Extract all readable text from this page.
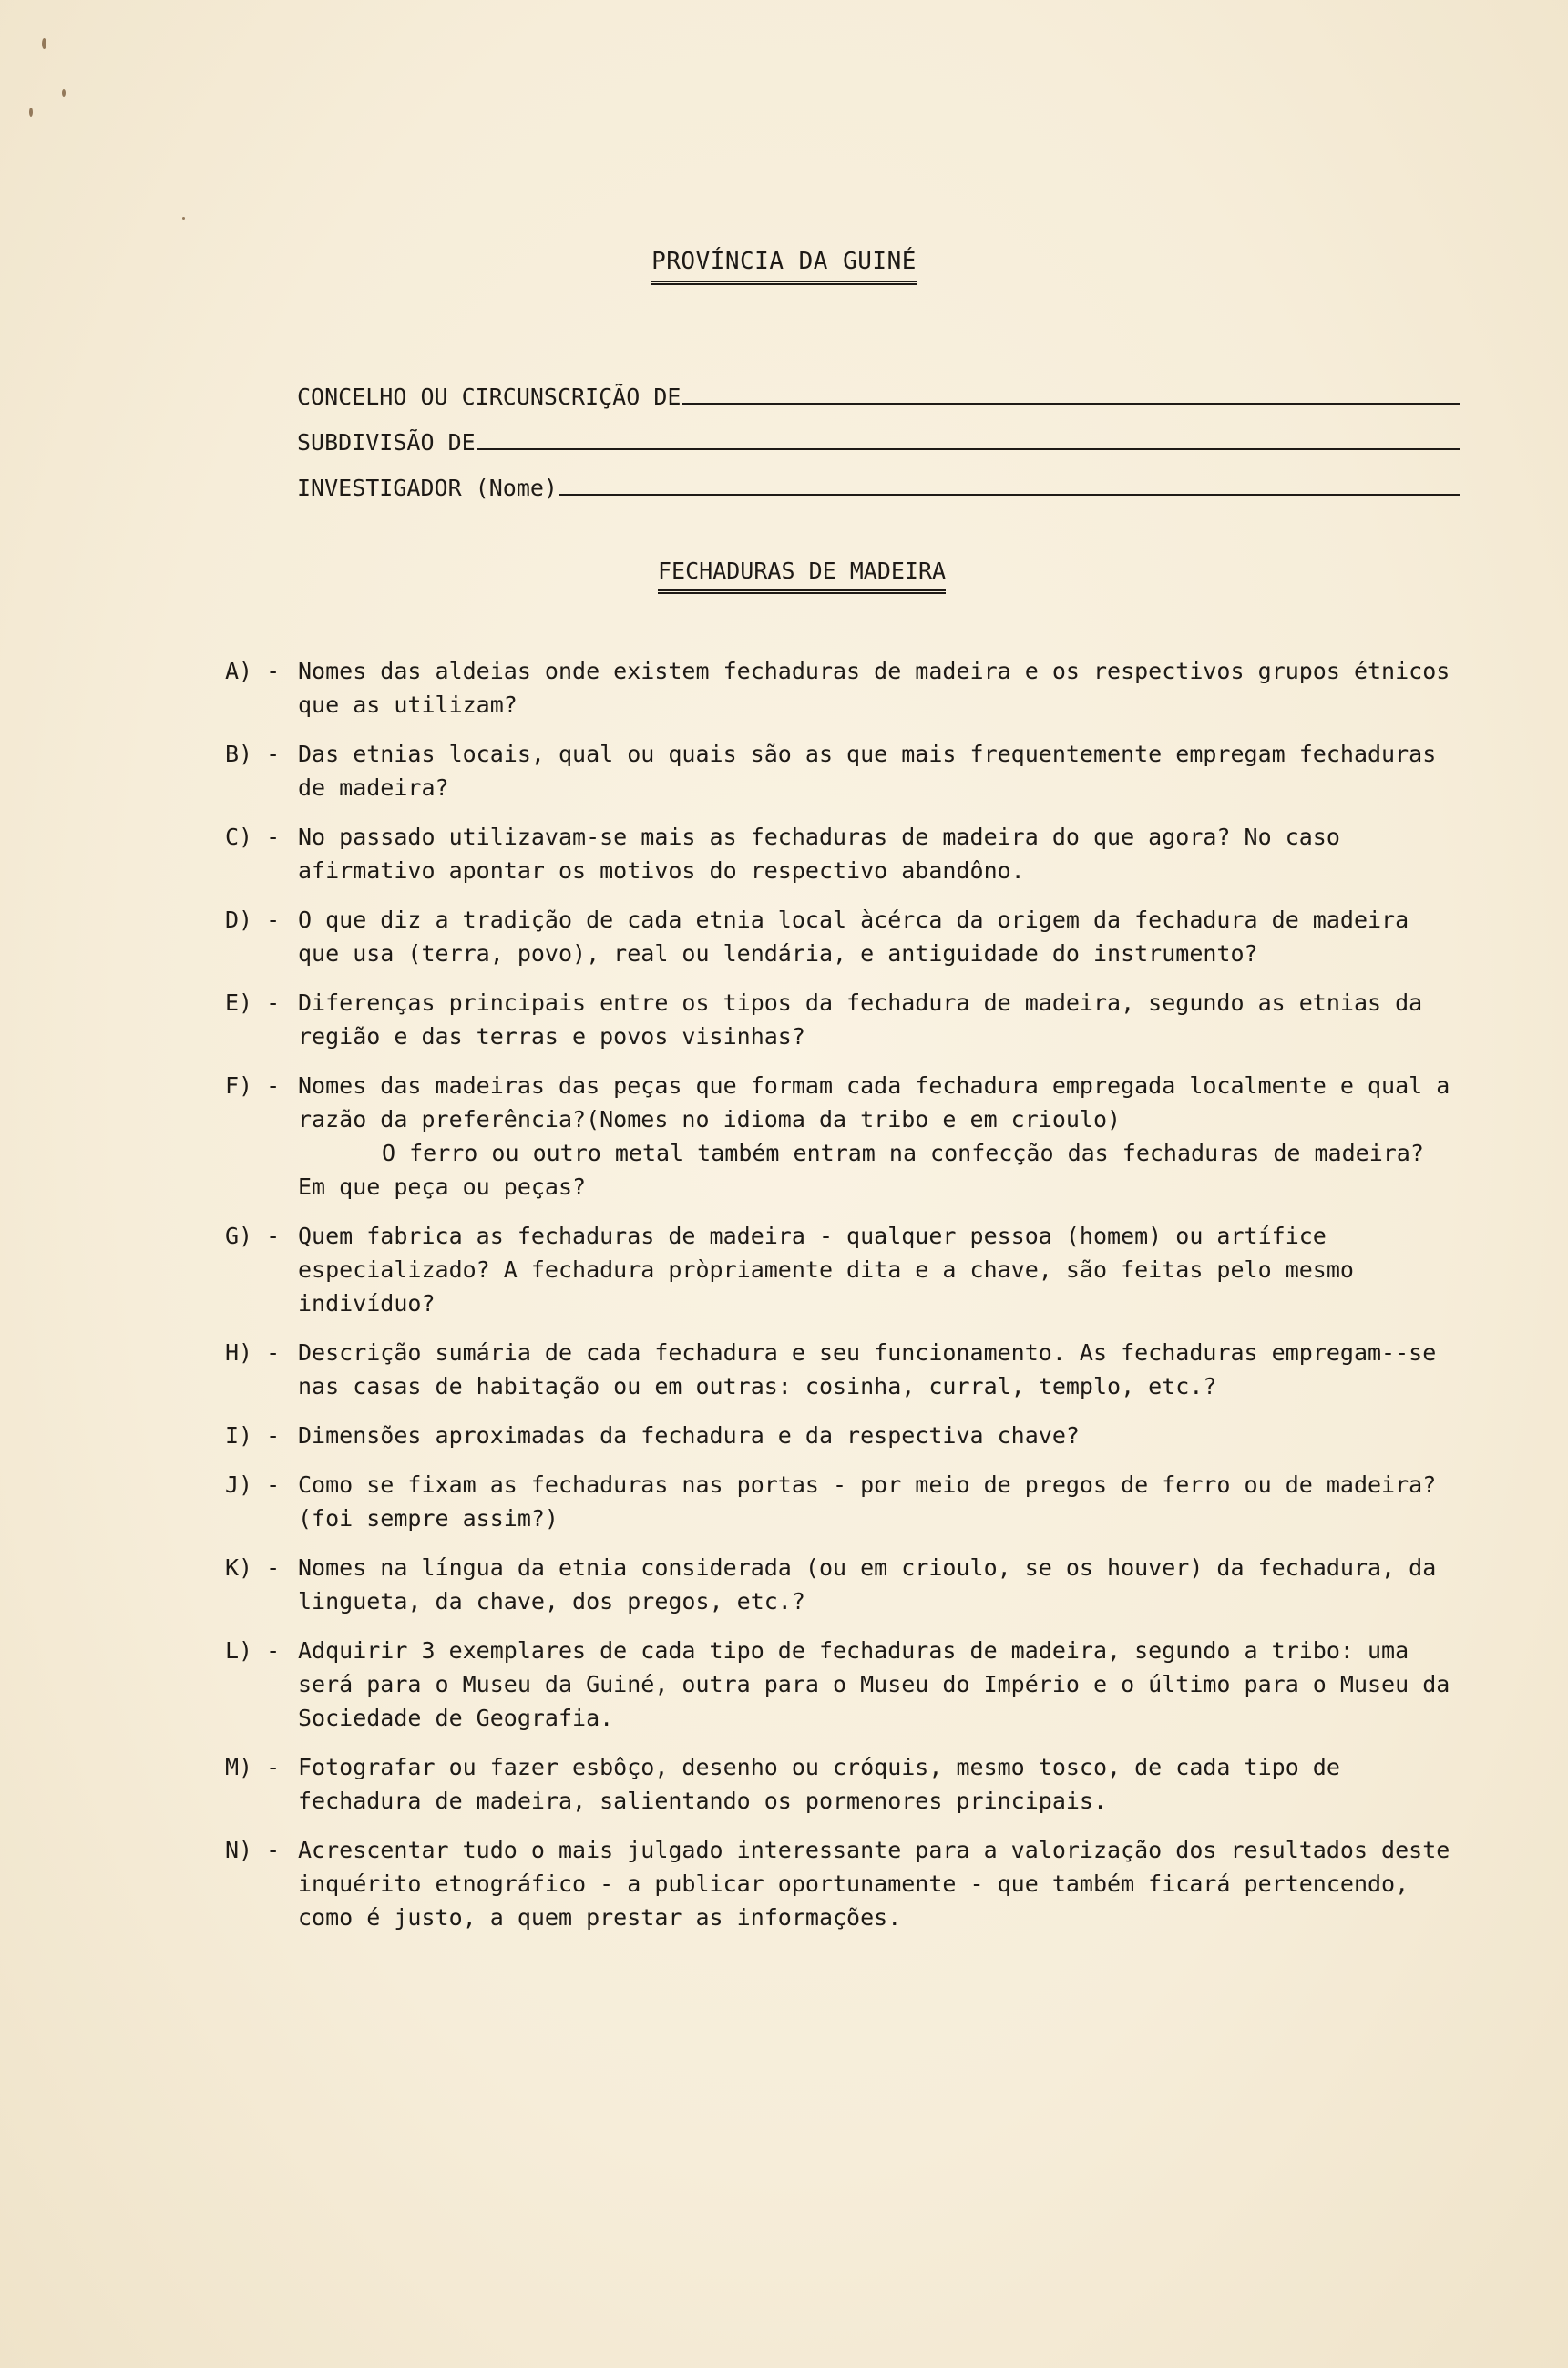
PROVÍNCIA DA GUINÉ
CONCELHO OU CIRCUNSCRIÇÃO DE
SUBDIVISÃO DE
INVESTIGADOR (Nome)
FECHADURAS DE MADEIRA
A) - Nomes das aldeias onde existem fechaduras de madeira e os respectivos grupos étnicos que as utilizam?
B) - Das etnias locais, qual ou quais são as que mais frequentemente empregam fechaduras de madeira?
C) - No passado utilizavam-se mais as fechaduras de madeira do que agora? No caso afirmativo apontar os motivos do respectivo abandôno.
D) - O que diz a tradição de cada etnia local àcérca da origem da fechadura de madeira que usa (terra, povo), real ou lendária, e antiguidade do instrumento?
E) - Diferenças principais entre os tipos da fechadura de madeira, segundo as etnias da região e das terras e povos visinhas?
F) - Nomes das madeiras das peças que formam cada fechadura empregada localmente e qual a razão da preferência?(Nomes no idioma da tribo e em crioulo)
O ferro ou outro metal também entram na confecção das fechaduras de madeira? Em que peça ou peças?
G) - Quem fabrica as fechaduras de madeira - qualquer pessoa (homem) ou artífice especializado? A fechadura pròpriamente dita e a chave, são feitas pelo mesmo indivíduo?
H) - Descrição sumária de cada fechadura e seu funcionamento. As fechaduras empregam--se nas casas de habitação ou em outras: cosinha, curral, templo, etc.?
I) - Dimensões aproximadas da fechadura e da respectiva chave?
J) - Como se fixam as fechaduras nas portas - por meio de pregos de ferro ou de madeira? (foi sempre assim?)
K) - Nomes na língua da etnia considerada (ou em crioulo, se os houver) da fechadura, da lingueta, da chave, dos pregos, etc.?
L) - Adquirir 3 exemplares de cada tipo de fechaduras de madeira, segundo a tribo: uma será para o Museu da Guiné, outra para o Museu do Império e o último para o Museu da Sociedade de Geografia.
M) - Fotografar ou fazer esbôço, desenho ou cróquis, mesmo tosco, de cada tipo de fechadura de madeira, salientando os pormenores principais.
N) - Acrescentar tudo o mais julgado interessante para a valorização dos resultados deste inquérito etnográfico - a publicar oportunamente - que também ficará pertencendo, como é justo, a quem prestar as informações.
